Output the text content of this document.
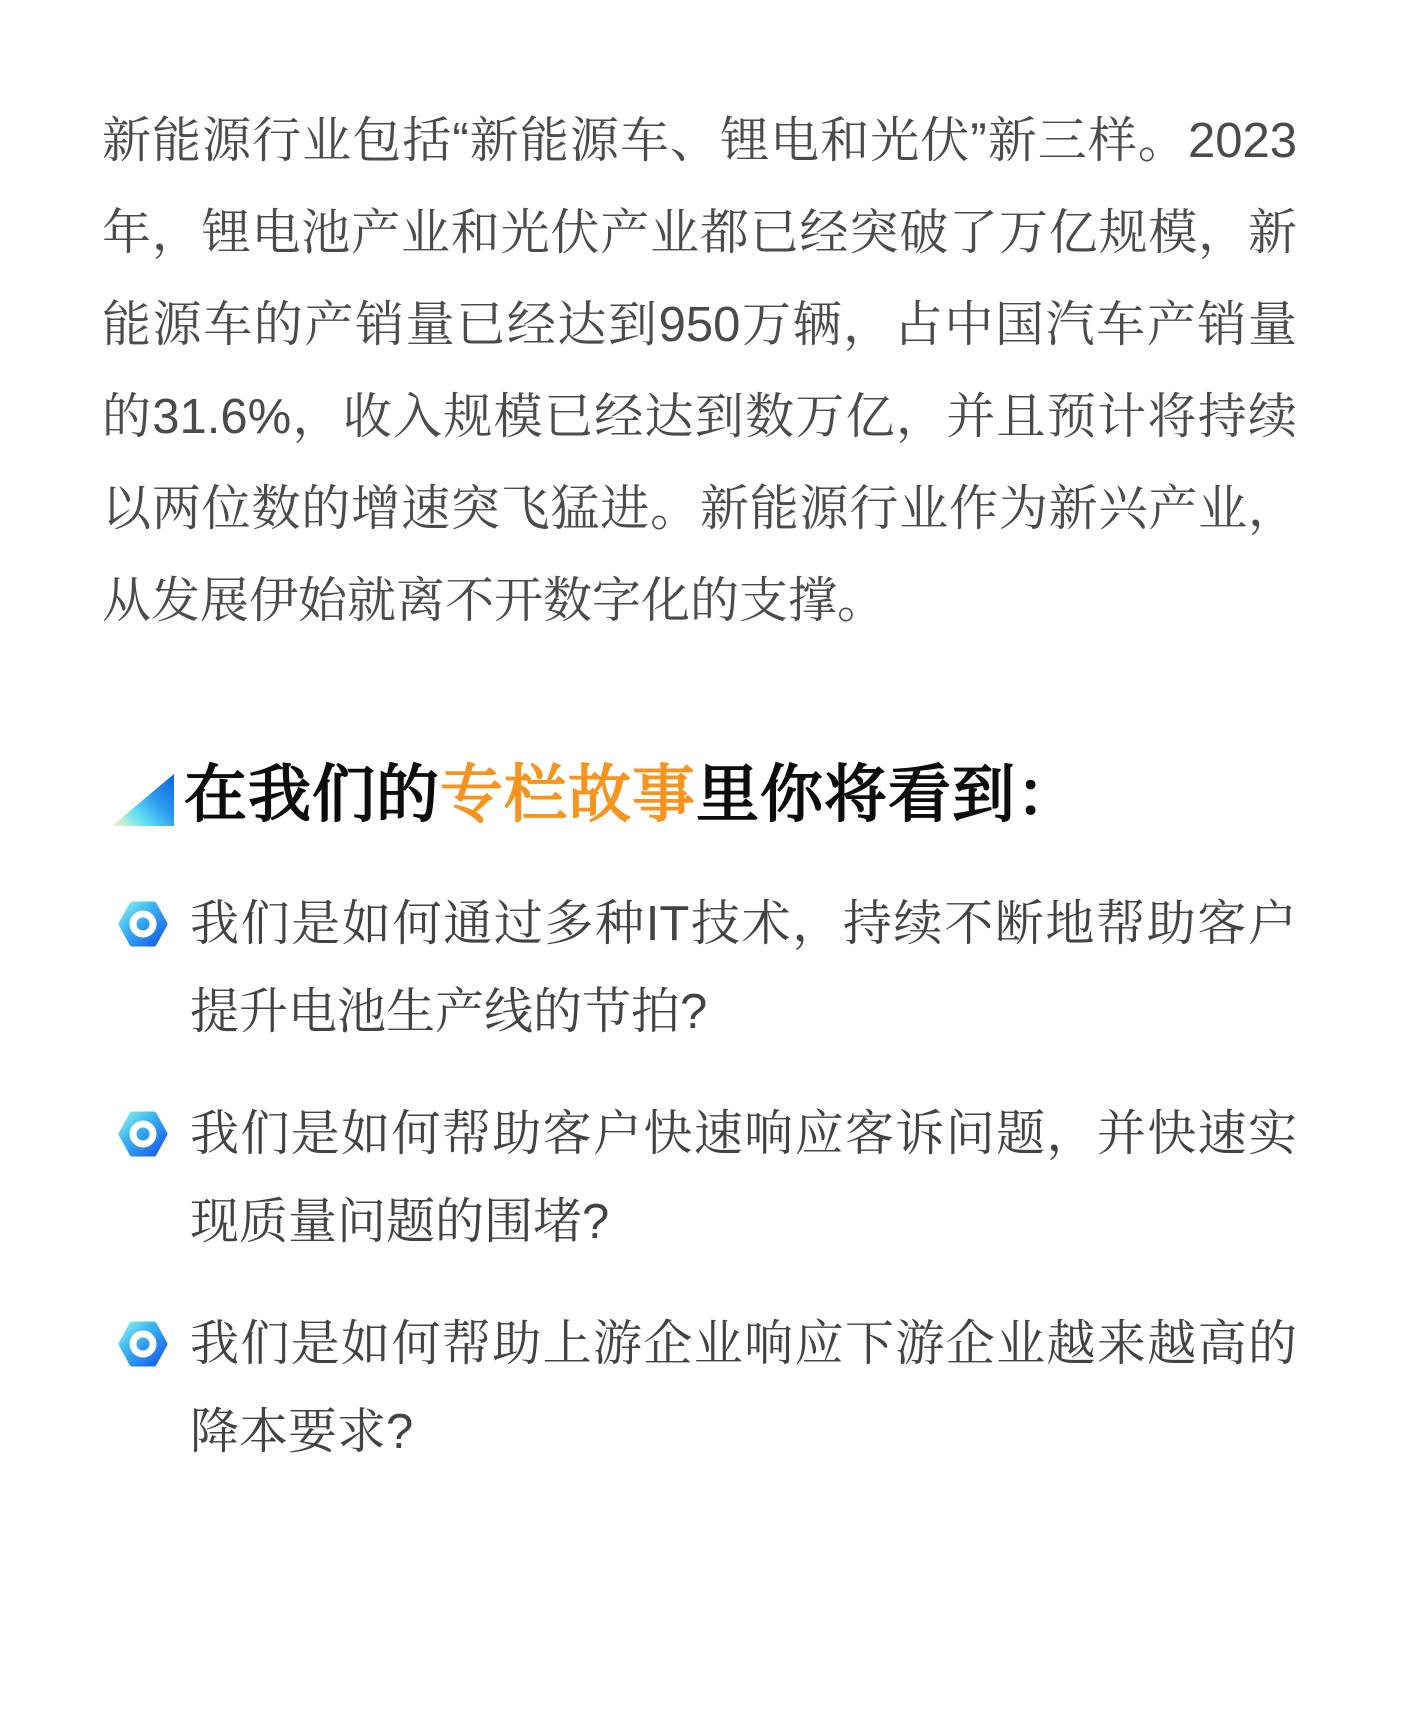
新能源行业包括“新能源车、锂电和光伏”新三样。2023年，锂电池产业和光伏产业都已经突破了万亿规模，新能源车的产销量已经达到950万辆，占中国汽车产销量的31.6%，收入规模已经达到数万亿，并且预计将持续以两位数的增速突飞猛进。新能源行业作为新兴产业，从发展伊始就离不开数字化的支撑。

在我们的专栏故事里你将看到：

我们是如何通过多种IT技术，持续不断地帮助客户提升电池生产线的节拍?

我们是如何帮助客户快速响应客诉问题，并快速实现质量问题的围堵?

我们是如何帮助上游企业响应下游企业越来越高的降本要求?
